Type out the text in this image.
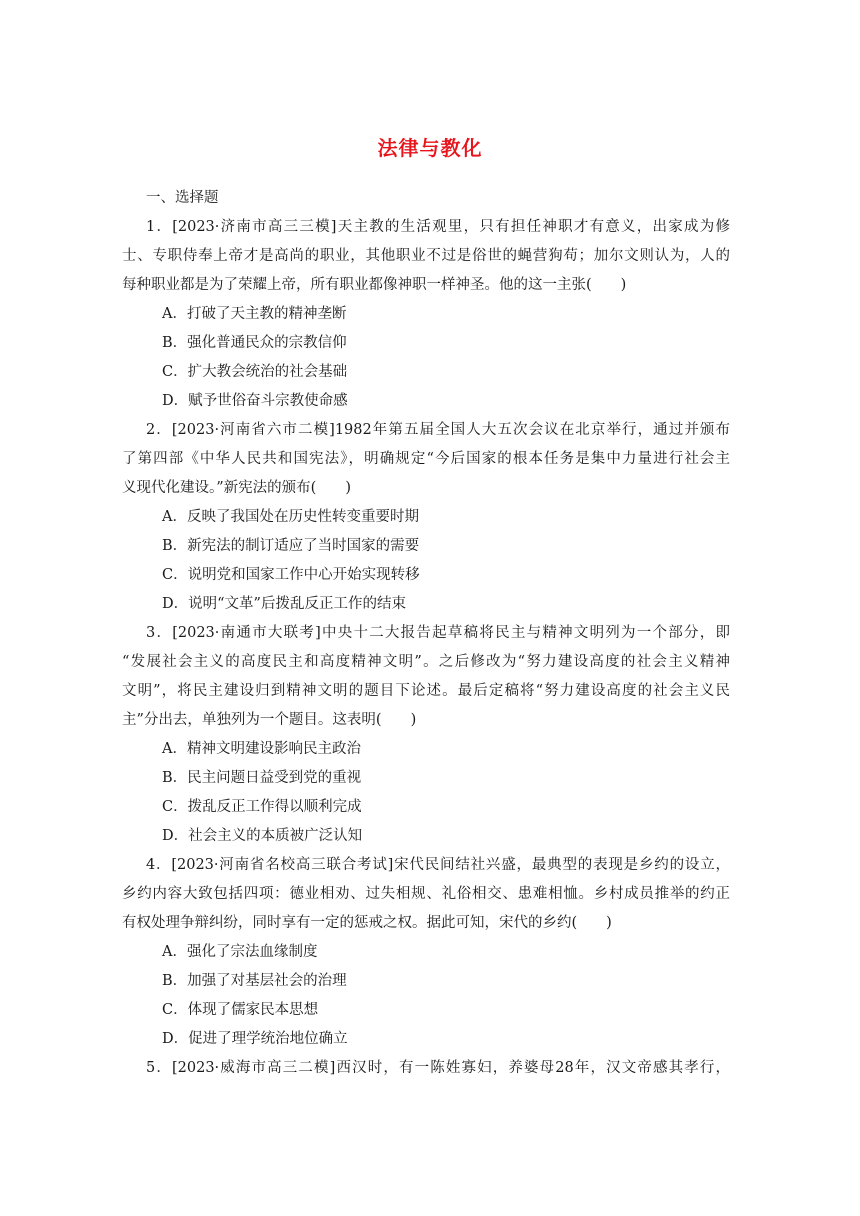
法律与教化
一、选择题
1．[2023·济南市高三三模]天主教的生活观里，只有担任神职才有意义，出家成为修
士、专职侍奉上帝才是高尚的职业，其他职业不过是俗世的蝇营狗苟；加尔文则认为，人的
每种职业都是为了荣耀上帝，所有职业都像神职一样神圣。他的这一主张(　　)
A．打破了天主教的精神垄断
B．强化普通民众的宗教信仰
C．扩大教会统治的社会基础
D．赋予世俗奋斗宗教使命感
2．[2023·河南省六市二模]1982年第五届全国人大五次会议在北京举行，通过并颁布
了第四部《中华人民共和国宪法》，明确规定“今后国家的根本任务是集中力量进行社会主
义现代化建设。”新宪法的颁布(　　)
A．反映了我国处在历史性转变重要时期
B．新宪法的制订适应了当时国家的需要
C．说明党和国家工作中心开始实现转移
D．说明“文革”后拨乱反正工作的结束
3．[2023·南通市大联考]中央十二大报告起草稿将民主与精神文明列为一个部分，即
“发展社会主义的高度民主和高度精神文明”。之后修改为“努力建设高度的社会主义精神
文明”，将民主建设归到精神文明的题目下论述。最后定稿将“努力建设高度的社会主义民
主”分出去，单独列为一个题目。这表明(　　)
A．精神文明建设影响民主政治
B．民主问题日益受到党的重视
C．拨乱反正工作得以顺利完成
D．社会主义的本质被广泛认知
4．[2023·河南省名校高三联合考试]宋代民间结社兴盛，最典型的表现是乡约的设立，
乡约内容大致包括四项：德业相劝、过失相规、礼俗相交、患难相恤。乡村成员推举的约正
有权处理争辩纠纷，同时享有一定的惩戒之权。据此可知，宋代的乡约(　　)
A．强化了宗法血缘制度
B．加强了对基层社会的治理
C．体现了儒家民本思想
D．促进了理学统治地位确立
5．[2023·威海市高三二模]西汉时，有一陈姓寡妇，养婆母28年，汉文帝感其孝行，
